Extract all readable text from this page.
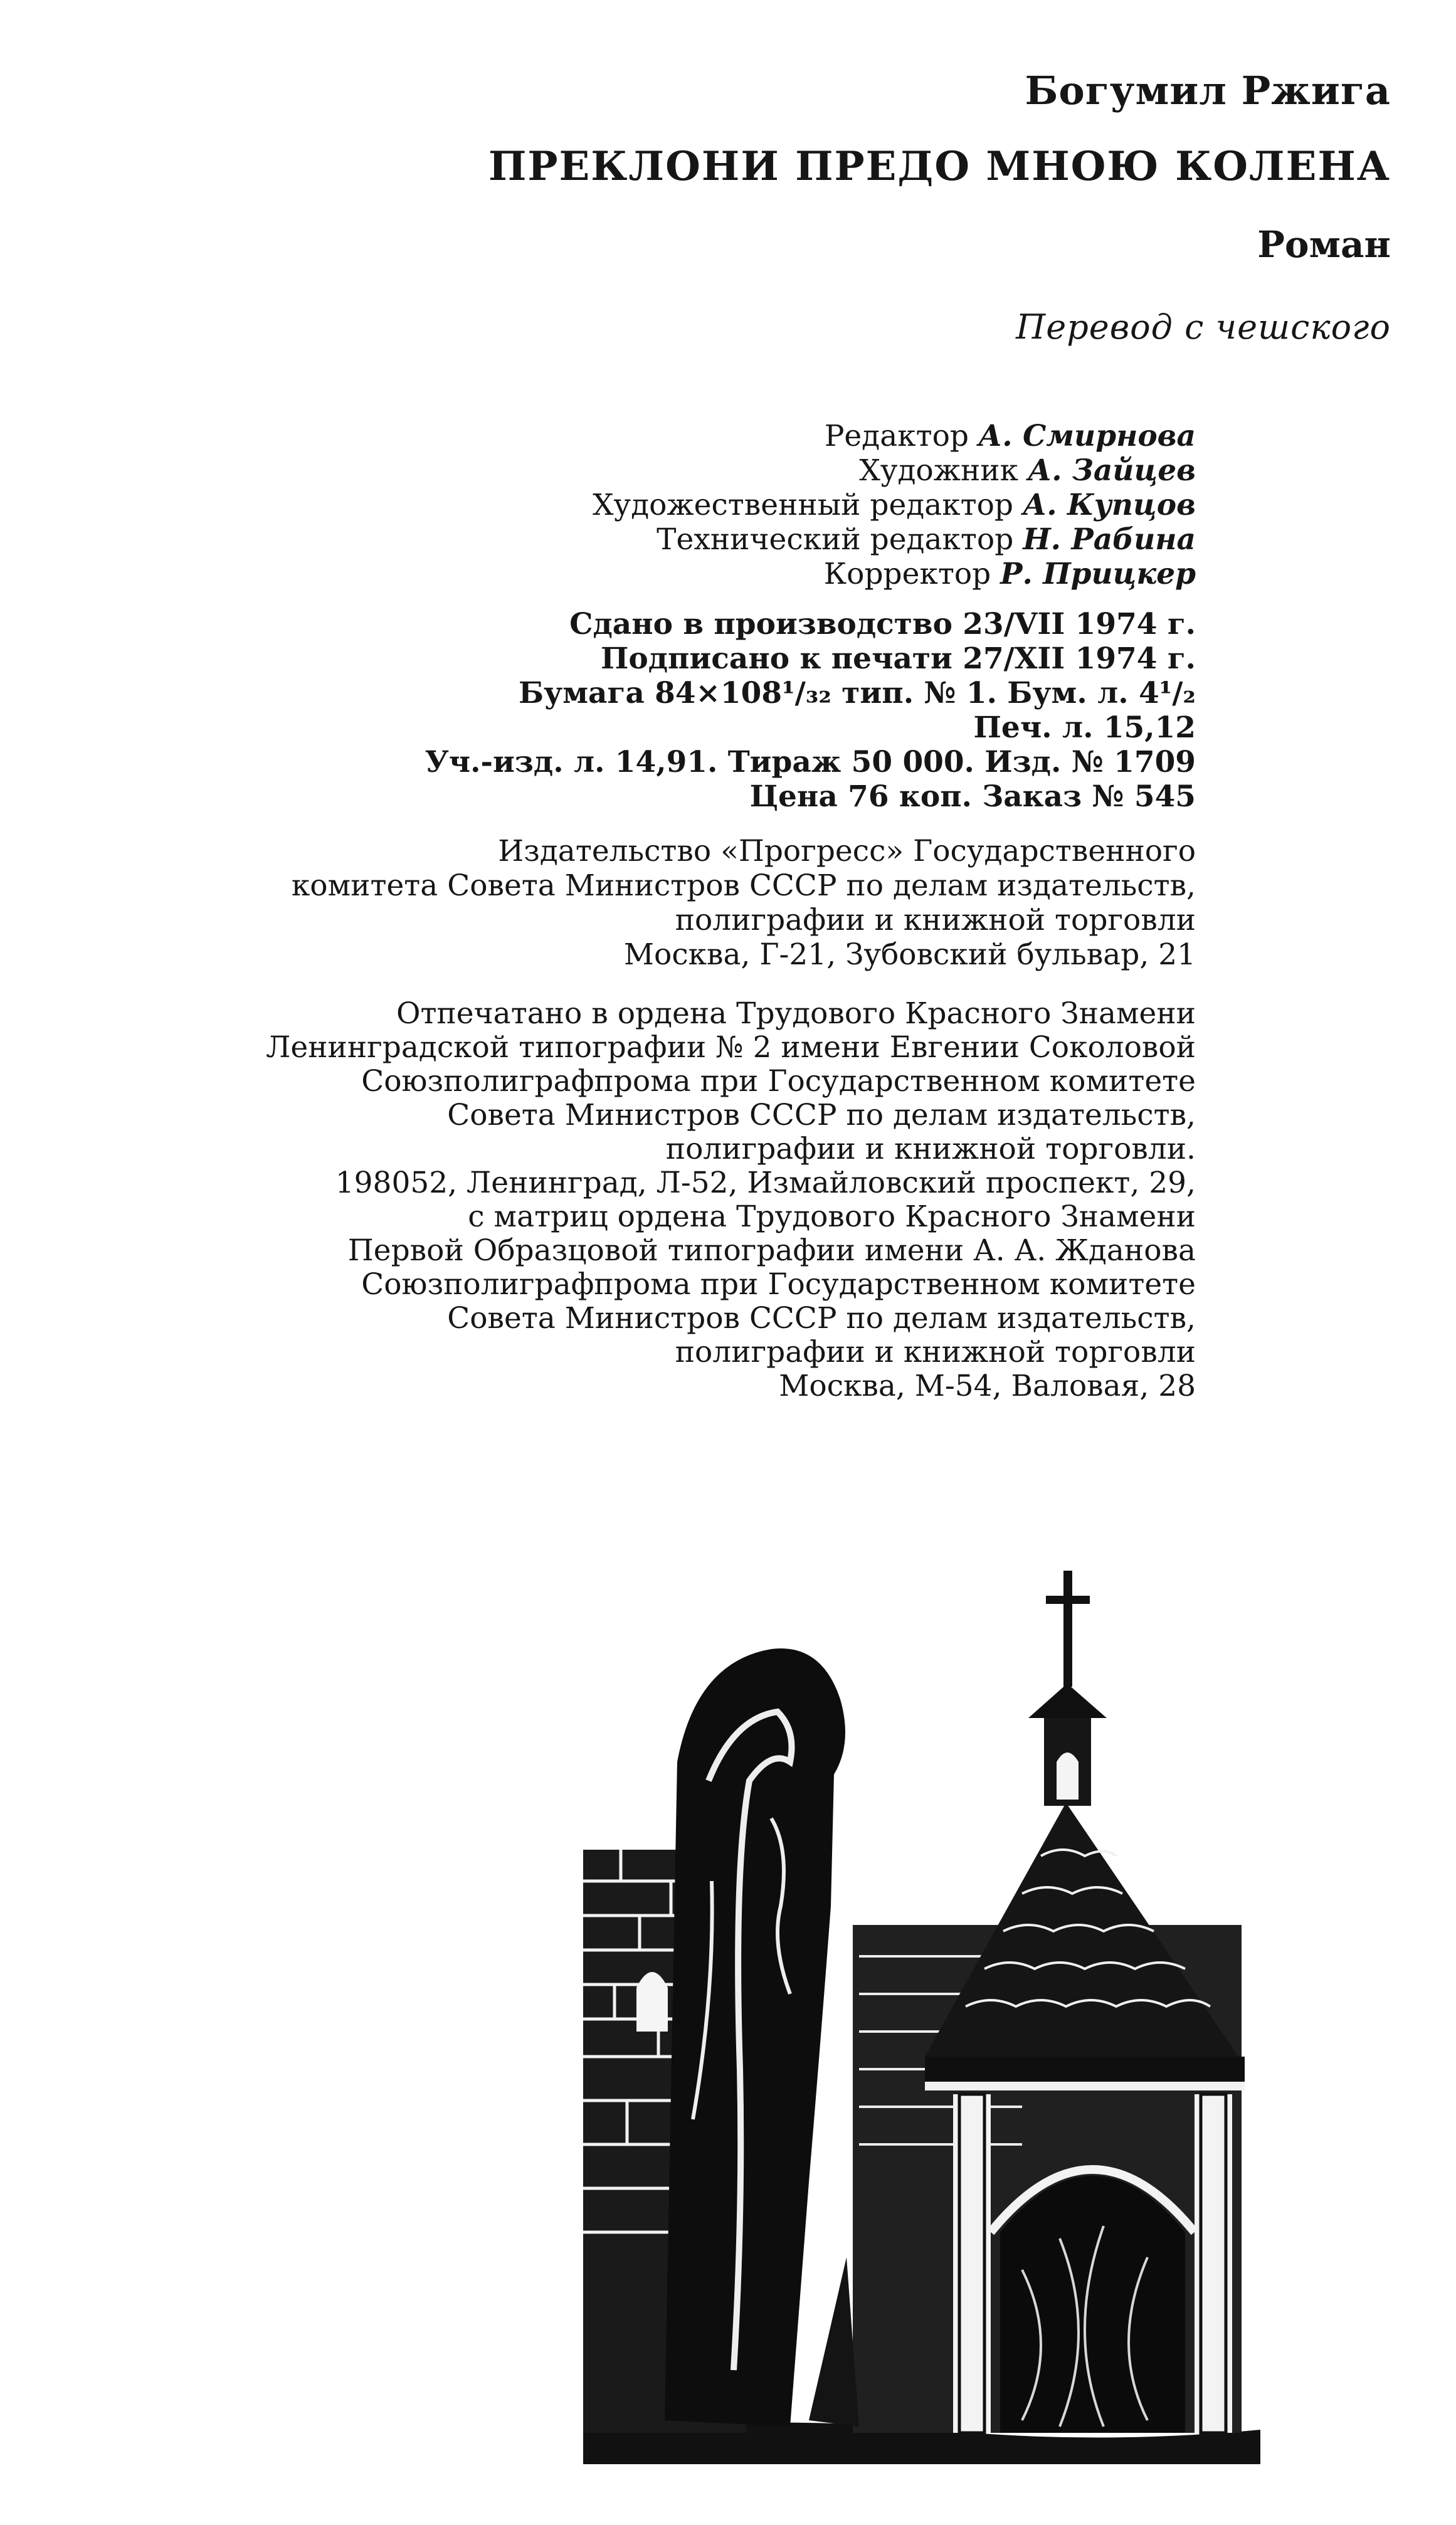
Богумил Ржига
ПРЕКЛОНИ ПРЕДО МНОЮ КОЛЕНА
Роман
Перевод с чешского
Редактор А. Смирнова
Художник А. Зайцев
Художественный редактор А. Купцов
Технический редактор Н. Рабина
Корректор Р. Прицкер
Сдано в производство 23/VII 1974 г.
Подписано к печати 27/XII 1974 г.
Бумага 84×108¹/₃₂ тип. № 1. Бум. л. 4¹/₂
Печ. л. 15,12
Уч.-изд. л. 14,91. Тираж 50 000. Изд. № 1709
Цена 76 коп. Заказ № 545
Издательство «Прогресс» Государственного
комитета Совета Министров СССР по делам издательств,
полиграфии и книжной торговли
Москва, Г-21, Зубовский бульвар, 21
Отпечатано в ордена Трудового Красного Знамени
Ленинградской типографии № 2 имени Евгении Соколовой
Союзполиграфпрома при Государственном комитете
Совета Министров СССР по делам издательств,
полиграфии и книжной торговли.
198052, Ленинград, Л-52, Измайловский проспект, 29,
с матриц ордена Трудового Красного Знамени
Первой Образцовой типографии имени А. А. Жданова
Союзполиграфпрома при Государственном комитете
Совета Министров СССР по делам издательств,
полиграфии и книжной торговли
Москва, М-54, Валовая, 28
